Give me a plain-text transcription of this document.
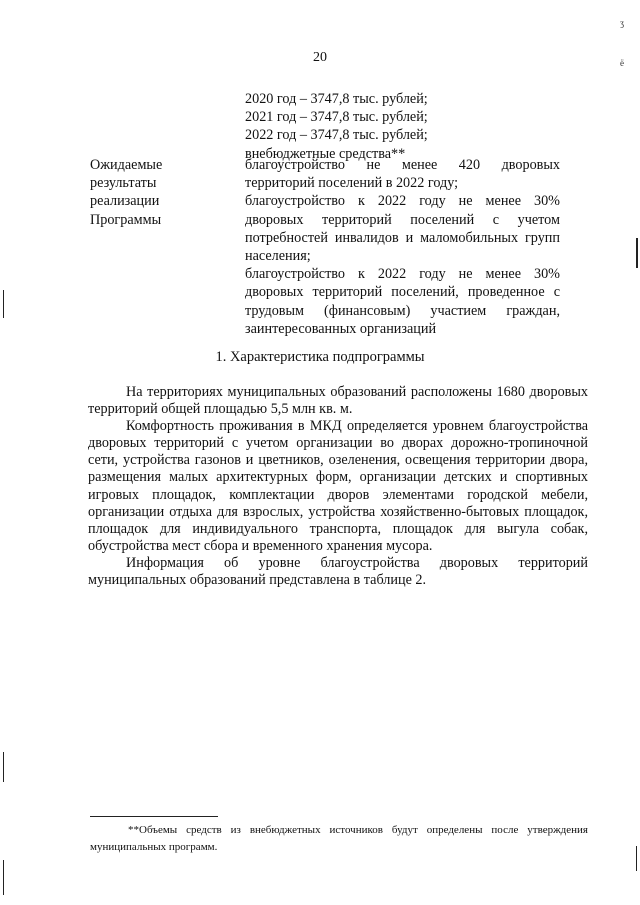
20
ʒ
ё
2020 год – 3747,8 тыс. рублей;
2021 год – 3747,8 тыс. рублей;
2022 год – 3747,8 тыс. рублей;
внебюджетные средства**
Ожидаемые
результаты
реализации
Программы

благоустройство не менее 420 дворовых территорий поселений в 2022 году;

благоустройство к 2022 году не менее 30% дворовых территорий поселений с учетом потребностей инвалидов и маломобильных групп населения;

благоустройство к 2022 году не менее 30% дворовых территорий поселений, проведенное с трудовым (финансовым) участием граждан, заинтересованных организаций

1. Характеристика подпрограммы

На территориях муниципальных образований расположены 1680 дворовых территорий общей площадью 5,5 млн кв. м.

Комфортность проживания в МКД определяется уровнем благоустройства дворовых территорий с учетом организации во дворах дорожно-тропиночной сети, устройства газонов и цветников, озеленения, освещения территории двора, размещения малых архитектурных форм, организации детских и спортивных игровых площадок, комплектации дворов элементами городской мебели, организации отдыха для взрослых, устройства хозяйственно-бытовых площадок, площадок для индивидуального транспорта, площадок для выгула собак, обустройства мест сбора и временного хранения мусора.

Информация об уровне благоустройства дворовых территорий муниципальных образований представлена в таблице 2.

**Объемы средств из внебюджетных источников будут определены после утверждения муниципальных программ.
